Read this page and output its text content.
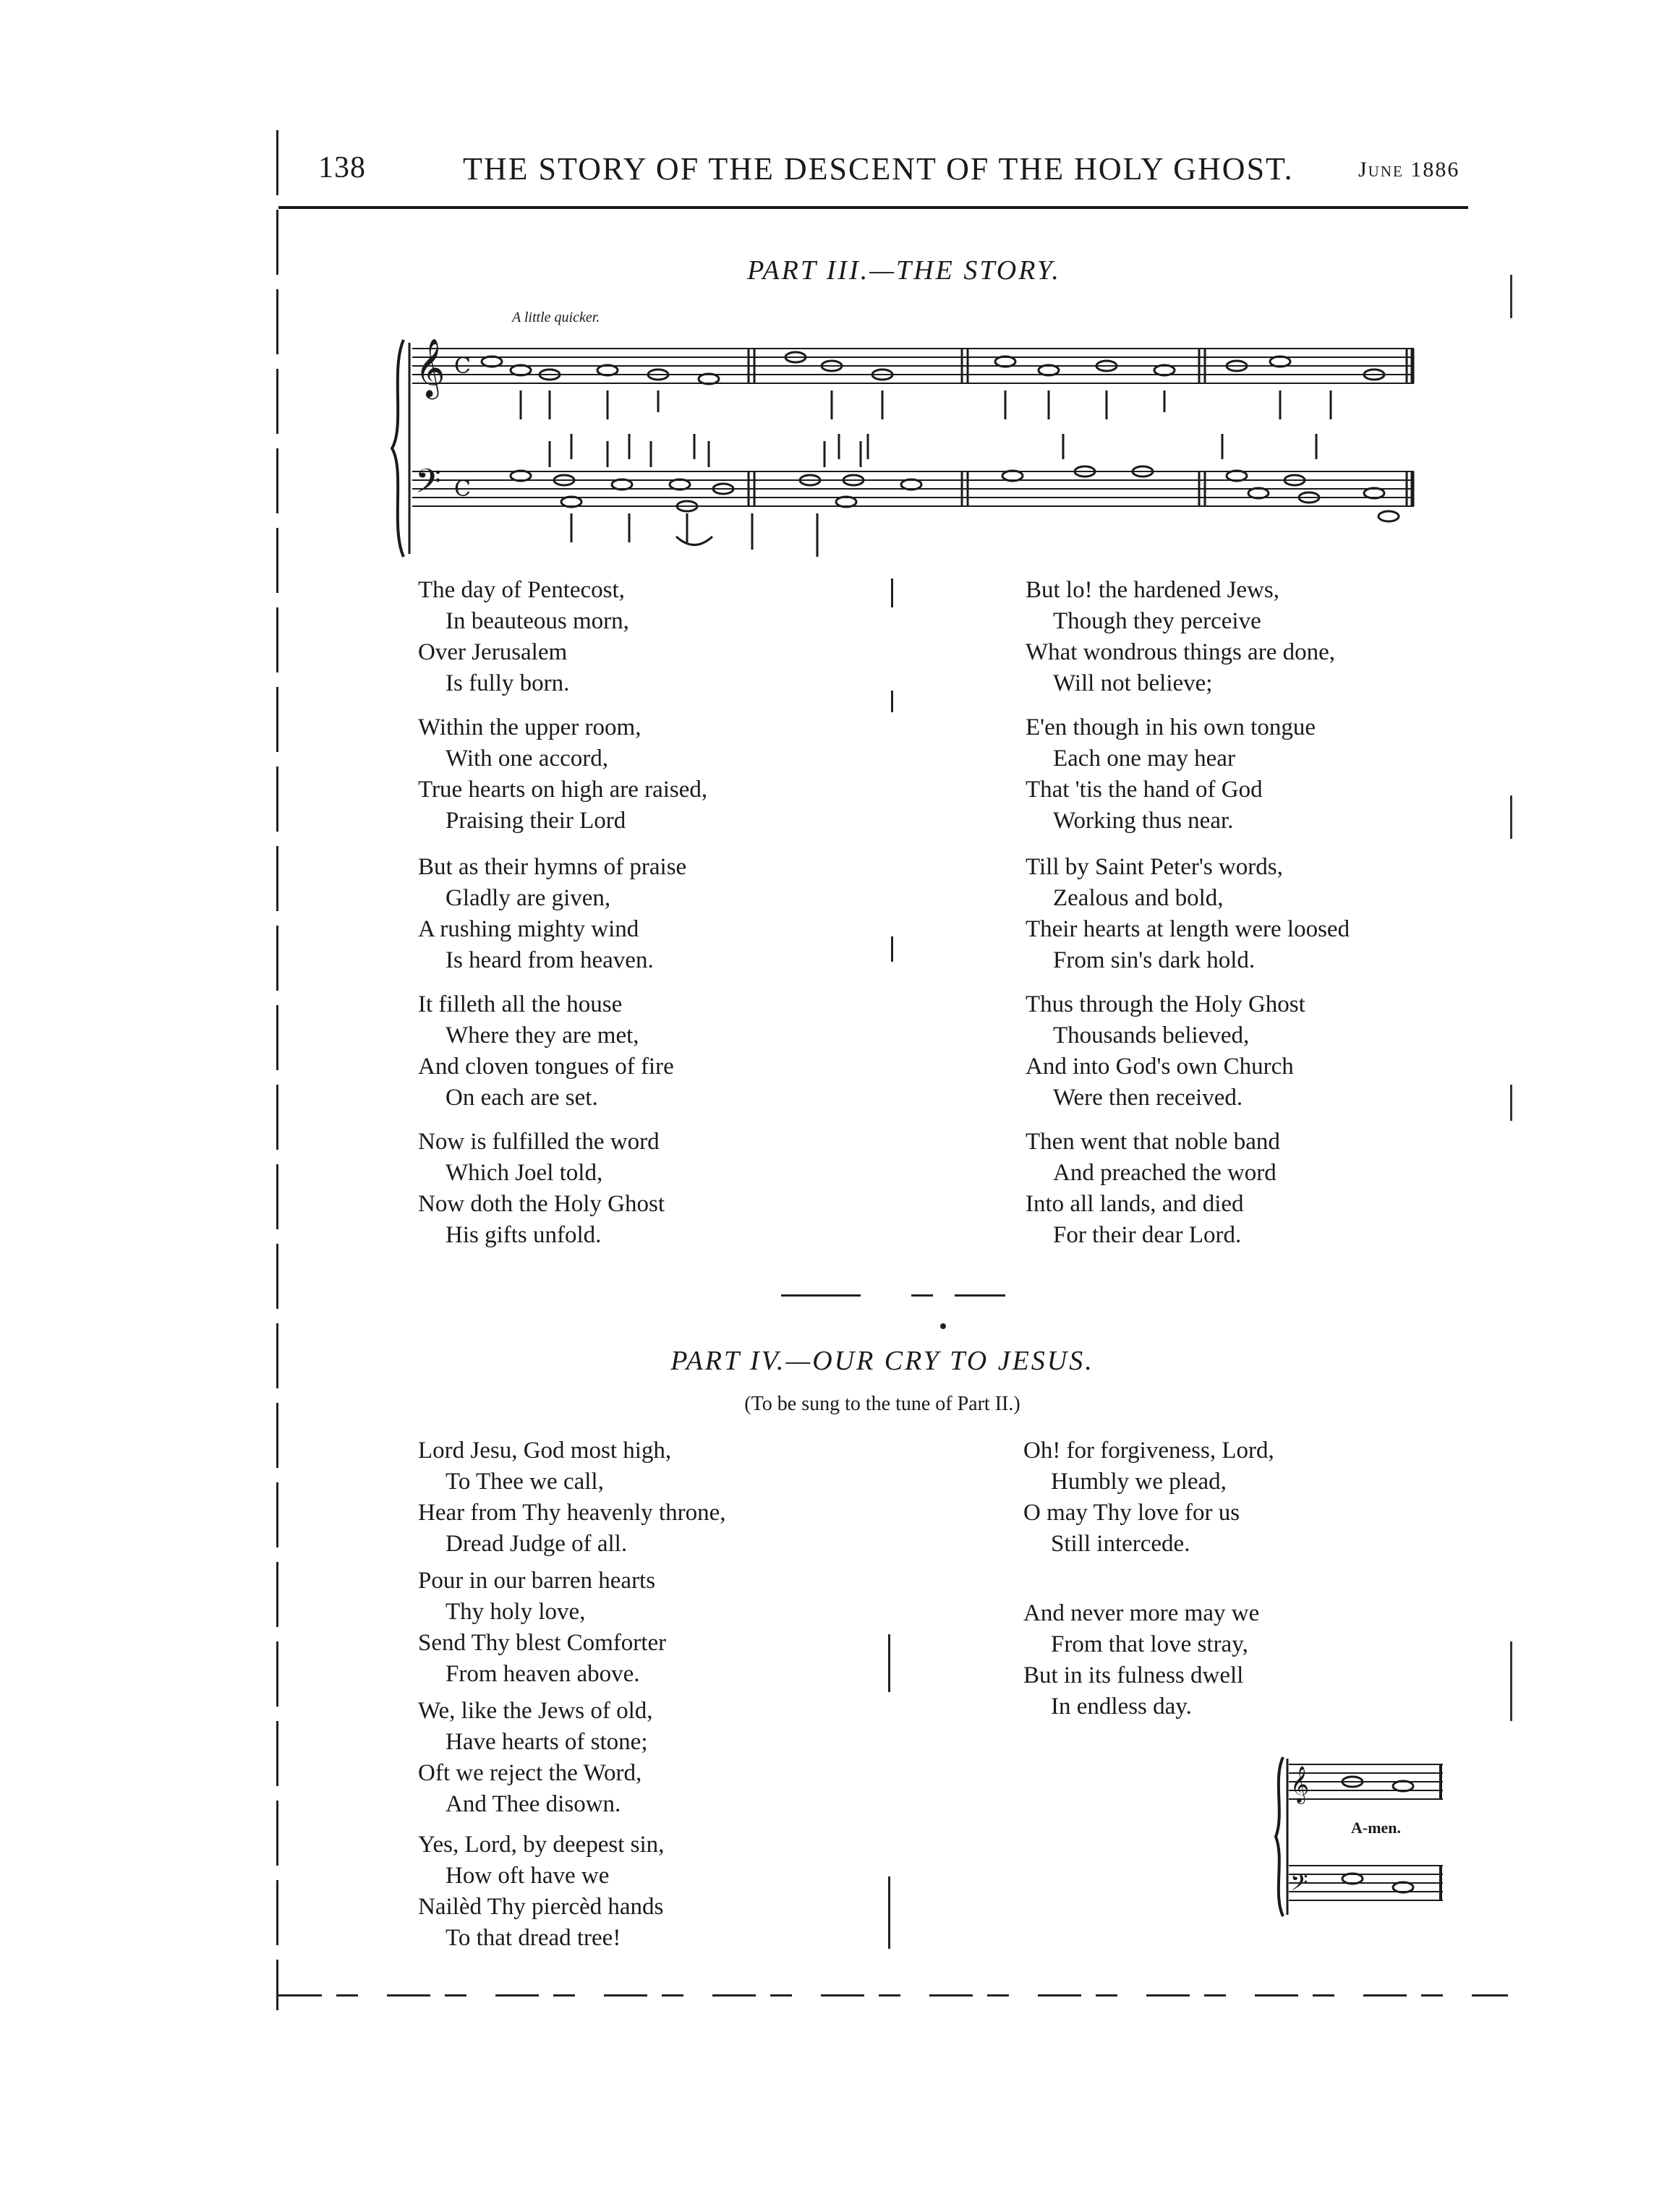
138	THE STORY OF THE DESCENT OF THE HOLY GHOST.	June 1886
PART III.—THE STORY.
A little quicker.
𝄞
𝄢
C
C
The day of Pentecost,
In beauteous morn,
Over Jerusalem
Is fully born.
Within the upper room,
With one accord,
True hearts on high are raised,
Praising their Lord
But as their hymns of praise
Gladly are given,
A rushing mighty wind
Is heard from heaven.
It filleth all the house
Where they are met,
And cloven tongues of fire
On each are set.
Now is fulfilled the word
Which Joel told,
Now doth the Holy Ghost
His gifts unfold.
But lo! the hardened Jews,
Though they perceive
What wondrous things are done,
Will not believe;
E'en though in his own tongue
Each one may hear
That 'tis the hand of God
Working thus near.
Till by Saint Peter's words,
Zealous and bold,
Their hearts at length were loosed
From sin's dark hold.
Thus through the Holy Ghost
Thousands believed,
And into God's own Church
Were then received.
Then went that noble band
And preached the word
Into all lands, and died
For their dear Lord.
PART IV.—OUR CRY TO JESUS.
(To be sung to the tune of Part II.)
Lord Jesu, God most high,
To Thee we call,
Hear from Thy heavenly throne,
Dread Judge of all.
Pour in our barren hearts
Thy holy love,
Send Thy blest Comforter
From heaven above.
We, like the Jews of old,
Have hearts of stone;
Oft we reject the Word,
And Thee disown.
Yes, Lord, by deepest sin,
How oft have we
Nailèd Thy piercèd hands
To that dread tree!
Oh! for forgiveness, Lord,
Humbly we plead,
O may Thy love for us
Still intercede.
And never more may we
From that love stray,
But in its fulness dwell
In endless day.
𝄞
𝄢
A-men.
